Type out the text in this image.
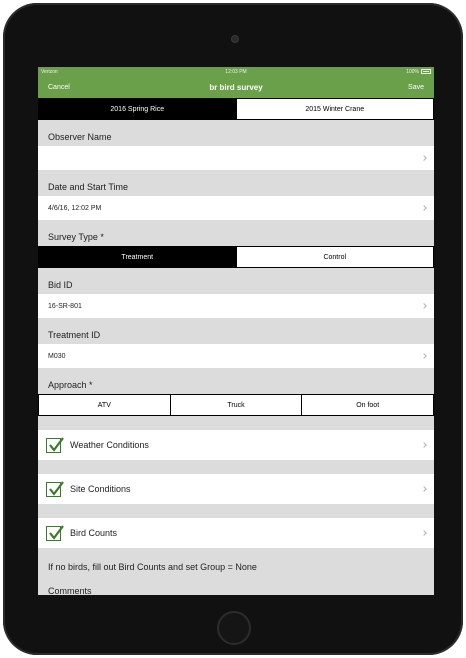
Verizon	12:03 PM	100%
Cancel	br bird survey	Save
2016 Spring Rice	2015 Winter Crane
Observer Name
Date and Start Time
4/6/16, 12:02 PM
Survey Type *
Treatment	Control
Bid ID
16-SR-801
Treatment ID
M030
Approach *
ATV	Truck	On foot
Weather Conditions
Site Conditions
Bird Counts
If no birds, fill out Bird Counts and set Group = None
Comments
